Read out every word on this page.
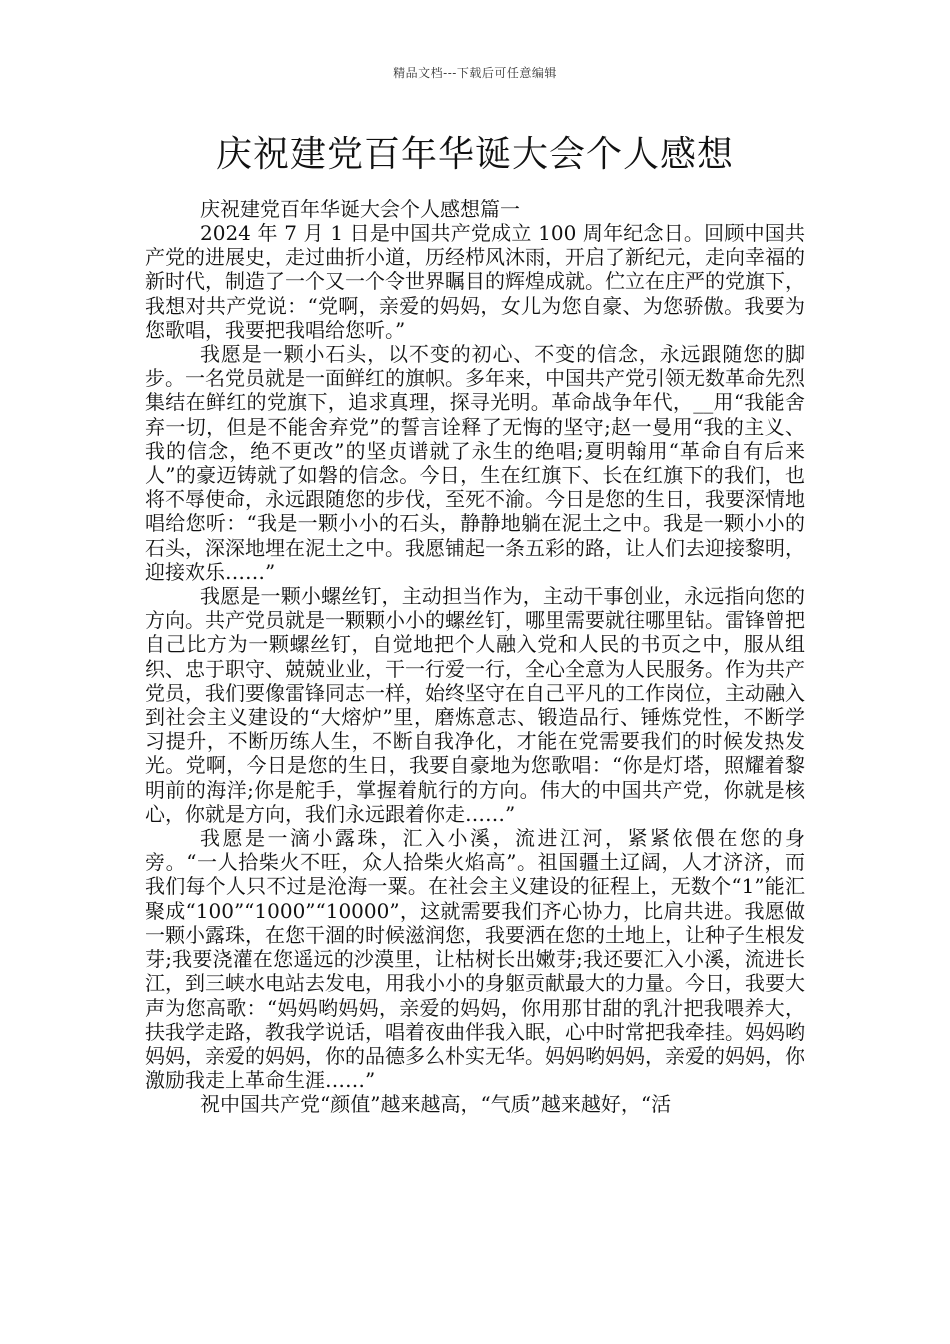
精品文档---下载后可任意编辑
庆祝建党百年华诞大会个人感想

庆祝建党百年华诞大会个人感想篇一

2024 年 7 月 1 日是中国共产党成立 100 周年纪念日。回顾中国共产党的进展史，走过曲折小道，历经栉风沐雨，开启了新纪元，走向幸福的新时代，制造了一个又一个令世界瞩目的辉煌成就。伫立在庄严的党旗下，我想对共产党说：“党啊，亲爱的妈妈，女儿为您自豪、为您骄傲。我要为您歌唱，我要把我唱给您听。”

我愿是一颗小石头，以不变的初心、不变的信念，永远跟随您的脚步。一名党员就是一面鲜红的旗帜。多年来，中国共产党引领无数革命先烈集结在鲜红的党旗下，追求真理，探寻光明。革命战争年代，__用“我能舍弃一切，但是不能舍弃党”的誓言诠释了无悔的坚守;赵一曼用“我的主义、我的信念，绝不更改”的坚贞谱就了永生的绝唱;夏明翰用“革命自有后来人”的豪迈铸就了如磐的信念。今日，生在红旗下、长在红旗下的我们，也将不辱使命，永远跟随您的步伐，至死不渝。今日是您的生日，我要深情地唱给您听：“我是一颗小小的石头，静静地躺在泥土之中。我是一颗小小的石头，深深地埋在泥土之中。我愿铺起一条五彩的路，让人们去迎接黎明，迎接欢乐……”

我愿是一颗小螺丝钉，主动担当作为，主动干事创业，永远指向您的方向。共产党员就是一颗颗小小的螺丝钉，哪里需要就往哪里钻。雷锋曾把自己比方为一颗螺丝钉，自觉地把个人融入党和人民的书页之中，服从组织、忠于职守、兢兢业业，干一行爱一行，全心全意为人民服务。作为共产党员，我们要像雷锋同志一样，始终坚守在自己平凡的工作岗位，主动融入到社会主义建设的“大熔炉”里，磨炼意志、锻造品行、锤炼党性，不断学习提升，不断历练人生，不断自我净化，才能在党需要我们的时候发热发光。党啊，今日是您的生日，我要自豪地为您歌唱：“你是灯塔，照耀着黎明前的海洋;你是舵手，掌握着航行的方向。伟大的中国共产党，你就是核心，你就是方向，我们永远跟着你走……”

我愿是一滴小露珠，汇入小溪，流进江河，紧紧依偎在您的身旁。“一人拾柴火不旺，众人拾柴火焰高”。祖国疆土辽阔，人才济济，而我们每个人只不过是沧海一粟。在社会主义建设的征程上，无数个“1”能汇聚成“100”“1000”“10000”，这就需要我们齐心协力，比肩共进。我愿做一颗小露珠，在您干涸的时候滋润您，我要洒在您的土地上，让种子生根发芽;我要浇灌在您遥远的沙漠里，让枯树长出嫩芽;我还要汇入小溪，流进长江，到三峡水电站去发电，用我小小的身躯贡献最大的力量。今日，我要大声为您高歌：“妈妈哟妈妈，亲爱的妈妈，你用那甘甜的乳汁把我喂养大，扶我学走路，教我学说话，唱着夜曲伴我入眠，心中时常把我牵挂。妈妈哟妈妈，亲爱的妈妈，你的品德多么朴实无华。妈妈哟妈妈，亲爱的妈妈，你激励我走上革命生涯……”

祝中国共产党“颜值”越来越高，“气质”越来越好，“活
